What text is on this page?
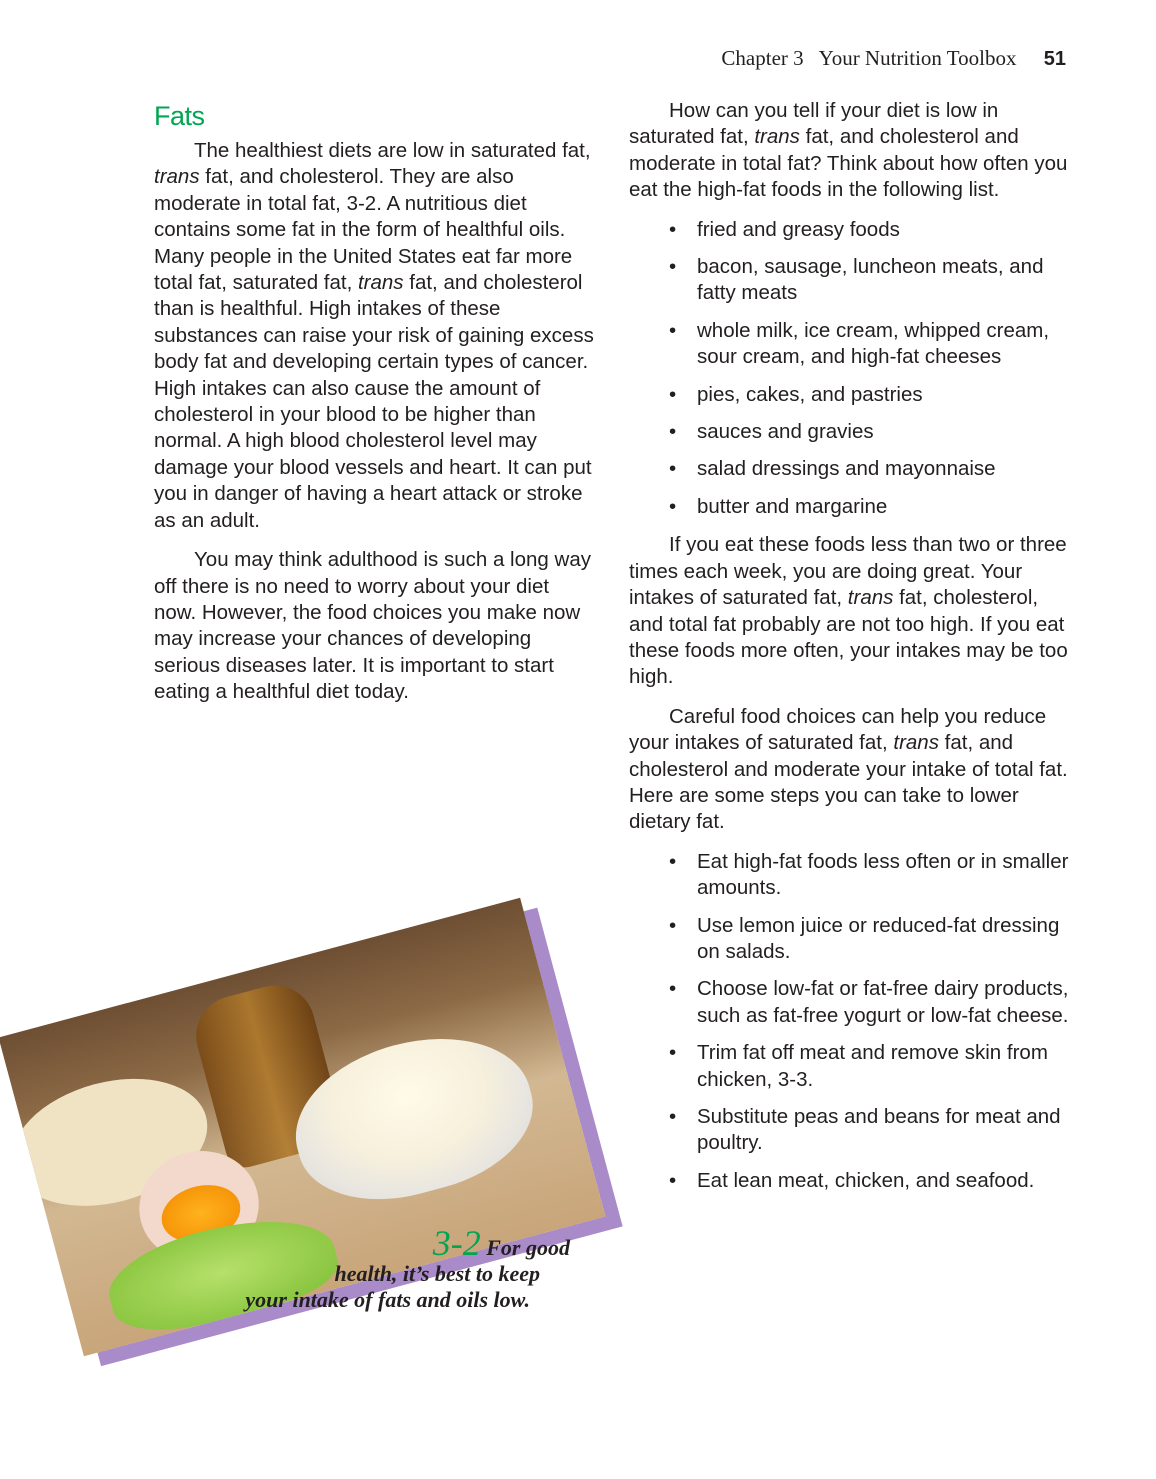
Chapter 3 Your Nutrition Toolbox 51
Fats

The healthiest diets are low in saturated fat, trans fat, and cholesterol. They are also moderate in total fat, 3-2. A nutritious diet contains some fat in the form of healthful oils. Many people in the United States eat far more total fat, saturated fat, trans fat, and cholesterol than is healthful. High intakes of these substances can raise your risk of gaining excess body fat and developing certain types of cancer. High intakes can also cause the amount of cholesterol in your blood to be higher than normal. A high blood cholesterol level may damage your blood vessels and heart. It can put you in danger of having a heart attack or stroke as an adult.

You may think adulthood is such a long way off there is no need to worry about your diet now. However, the food choices you make now may increase your chances of developing serious diseases later. It is important to start eating a healthful diet today.

3-2 For good
health, it’s best to keep
your intake of fats and oils low.

How can you tell if your diet is low in saturated fat, trans fat, and cholesterol and moderate in total fat? Think about how often you eat the high-fat foods in the following list.

• fried and greasy foods
• bacon, sausage, luncheon meats, and fatty meats
• whole milk, ice cream, whipped cream, sour cream, and high-fat cheeses
• pies, cakes, and pastries
• sauces and gravies
• salad dressings and mayonnaise
• butter and margarine

If you eat these foods less than two or three times each week, you are doing great. Your intakes of saturated fat, trans fat, cholesterol, and total fat probably are not too high. If you eat these foods more often, your intakes may be too high.

Careful food choices can help you reduce your intakes of saturated fat, trans fat, and cholesterol and moderate your intake of total fat. Here are some steps you can take to lower dietary fat.

• Eat high-fat foods less often or in smaller amounts.
• Use lemon juice or reduced-fat dressing on salads.
• Choose low-fat or fat-free dairy products, such as fat-free yogurt or low-fat cheese.
• Trim fat off meat and remove skin from chicken, 3-3.
• Substitute peas and beans for meat and poultry.
• Eat lean meat, chicken, and seafood.
